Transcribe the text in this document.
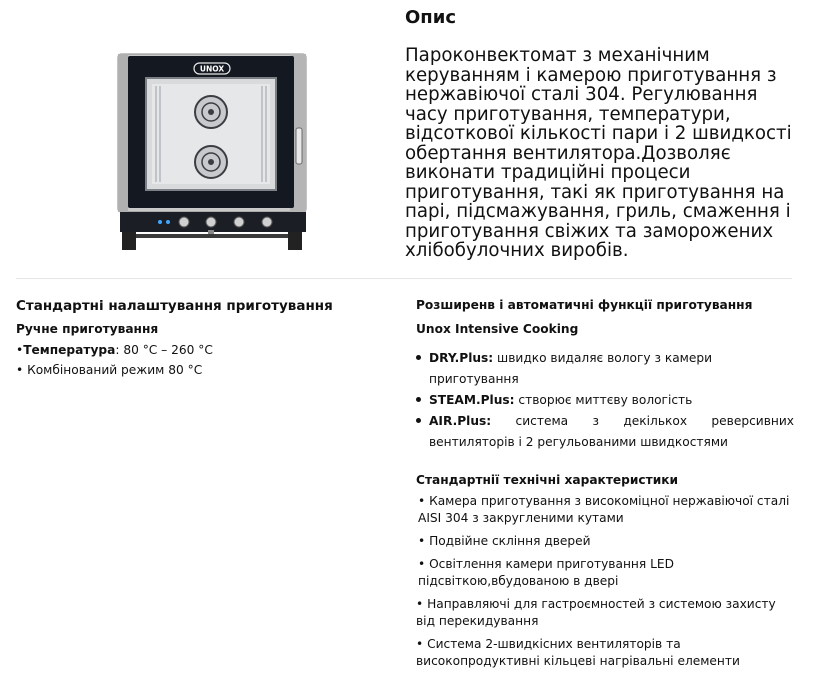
UNOX
Опис

Пароконвектомат з механічним керуванням і камерою приготування з нержавіючої сталі 304. Регулювання часу приготування, температури, відсоткової кількості пари і 2 швидкості обертання вентилятора.Дозволяє виконати традиційні процеси приготування, такі як приготування на парі, підсмажування, гриль, смаження і приготування свіжих та заморожених хлібобулочних виробів.

Стандартні налаштування приготування

Ручне приготування

•Температура: 80 °C – 260 °C

• Комбінований режим 80 °C

Розширенв і автоматичні функції приготування

Unox Intensive Cooking

DRY.Plus: швидко видаляє вологу з камери приготування
STEAM.Plus: створює миттєву вологість
AIR.Plus: система з декількох реверсивних вентиляторів і 2 регульованими швидкостями

Стандартнії технічні характеристики

• Камера приготування з високоміцної нержавіючої сталі AISI 304 з закругленими кутами
• Подвійне скління дверей
• Освітлення камери приготування LED підсвіткою,вбудованою в двері
• Направляючі для гастроємностей з системою захисту від перекидування
• Система 2-швидкісних вентиляторів та високопродуктивні кільцеві нагрівальні елементи
